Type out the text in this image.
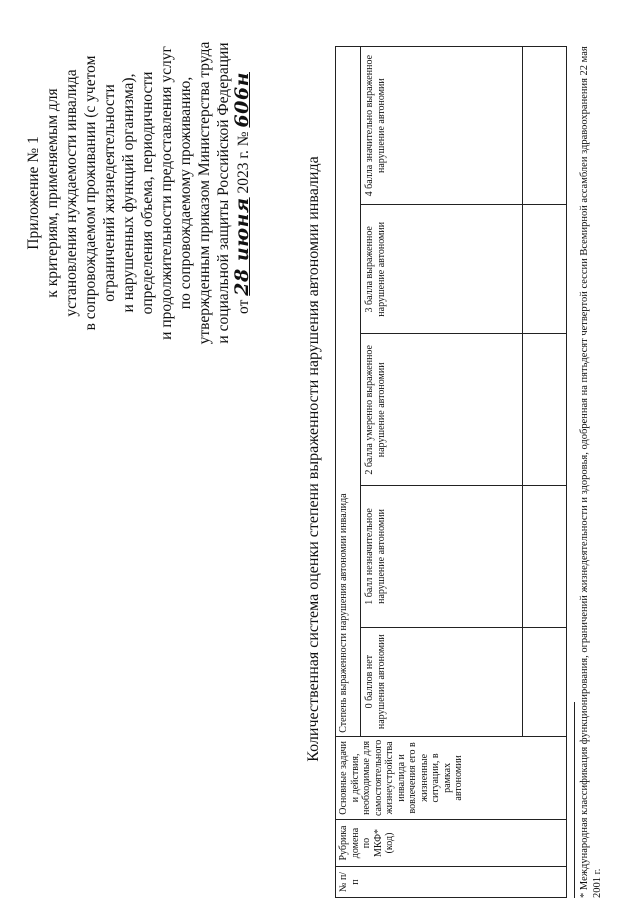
Приложение № 1 к критериям, применяемым для установления нуждаемости инвалида в сопровождаемом проживании (с учетом ограничений жизнедеятельности и нарушенных функций организма), определения объема, периодичности и продолжительности предоставления услуг по сопровождаемому проживанию, утвержденным приказом Министерства труда и социальной защиты Российской Федерации от 28 июня 2023 г. № 606н
Количественная система оценки степени выраженности нарушения автономии инвалида
№ п/п	Рубрика домена по МКФ* (код)	Основные задачи и действия, необходимые для самостоятельного жизнеустройства инвалида и вовлечения его в жизненные ситуации, в рамках автономии	Степень выраженности нарушения автономии инвалида				
			0 баллов нет нарушения автономии	1 балл незначительное нарушение автономии	2 балла умеренно выраженное нарушение автономии	3 балла выраженное нарушение автономии	4 балла значительно выраженное нарушение автономии
					* Международная классификация функционирования, ограничений жизнедеятельности и здоровья, одобренная на пятьдесят четвертой сессии Всемирной ассамблеи здравоохранения 22 мая 2001 г.
